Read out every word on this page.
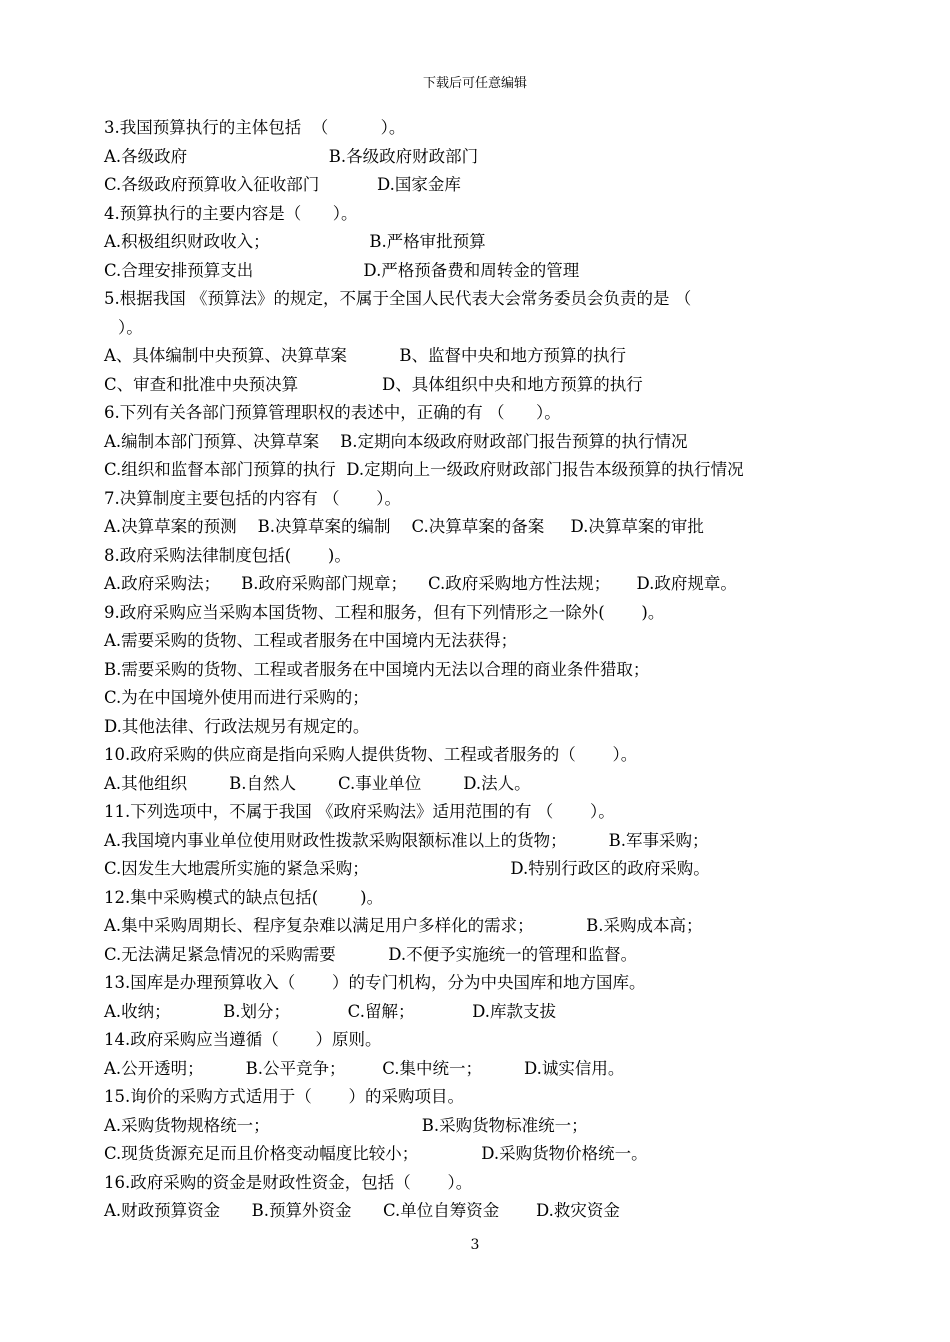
下载后可任意编辑
3.我国预算执行的主体包括  （          ）。
A.各级政府                           B.各级政府财政部门
C.各级政府预算收入征收部门           D.国家金库
4.预算执行的主要内容是（      ）。
A.积极组织财政收入；                   B.严格审批预算
C.合理安排预算支出                     D.严格预备费和周转金的管理
5.根据我国 《预算法》的规定，不属于全国人民代表大会常务委员会负责的是 （
）。
A、具体编制中央预算、决算草案          B、监督中央和地方预算的执行
C、审查和批准中央预决算                D、具体组织中央和地方预算的执行
6.下列有关各部门预算管理职权的表述中，正确的有 （      ）。
A.编制本部门预算、决算草案    B.定期向本级政府财政部门报告预算的执行情况
C.组织和监督本部门预算的执行  D.定期向上一级政府财政部门报告本级预算的执行情况
7.决算制度主要包括的内容有 （       ）。
A.决算草案的预测    B.决算草案的编制    C.决算草案的备案     D.决算草案的审批
8.政府采购法律制度包括(       )。
A.政府采购法；    B.政府采购部门规章；    C.政府采购地方性法规；     D.政府规章。
9.政府采购应当采购本国货物、工程和服务，但有下列情形之一除外(       )。
A.需要采购的货物、工程或者服务在中国境内无法获得；
B.需要采购的货物、工程或者服务在中国境内无法以合理的商业条件猎取；
C.为在中国境外使用而进行采购的；
D.其他法律、行政法规另有规定的。
10.政府采购的供应商是指向采购人提供货物、工程或者服务的（       ）。
A.其他组织        B.自然人        C.事业单位        D.法人。
11.下列选项中，不属于我国 《政府采购法》适用范围的有 （       ）。
A.我国境内事业单位使用财政性拨款采购限额标准以上的货物；        B.军事采购；
C.因发生大地震所实施的紧急采购；                           D.特别行政区的政府采购。
12.集中采购模式的缺点包括(        )。
A.集中采购周期长、程序复杂难以满足用户多样化的需求；          B.采购成本高；
C.无法满足紧急情况的采购需要          D.不便予实施统一的管理和监督。
13.国库是办理预算收入（       ）的专门机构，分为中央国库和地方国库。
A.收纳；          B.划分；           C.留解；           D.库款支拔
14.政府采购应当遵循（       ）原则。
A.公开透明；        B.公平竞争；       C.集中统一；        D.诚实信用。
15.询价的采购方式适用于（       ）的采购项目。
A.采购货物规格统一；                             B.采购货物标准统一；
C.现货货源充足而且价格变动幅度比较小；            D.采购货物价格统一。
16.政府采购的资金是财政性资金，包括（       ）。
A.财政预算资金      B.预算外资金      C.单位自筹资金       D.救灾资金
3
